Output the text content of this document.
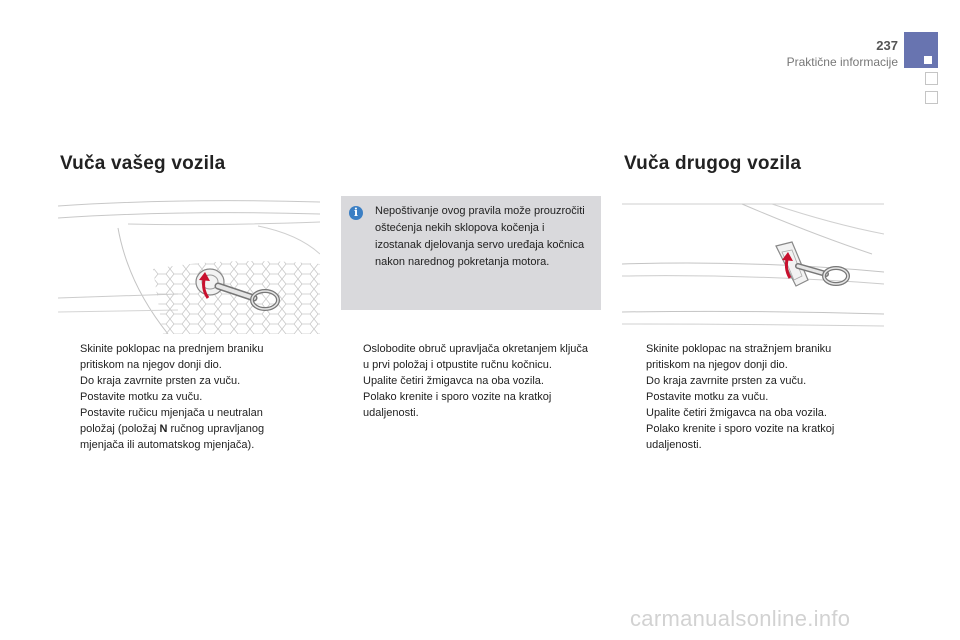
237
Praktične informacije
Vuča vašeg vozila	Vuča drugog vozila
i	Nepoštivanje ovog pravila može prouzročiti oštećenja nekih sklopova kočenja i izostanak djelovanja servo uređaja kočnica nakon narednog pokretanja motora.

Skinite poklopac na prednjem braniku pritiskom na njegov donji dio.
Do kraja zavrnite prsten za vuču.
Postavite motku za vuču.
Postavite ručicu mjenjača u neutralan položaj (položaj N ručnog upravljanog mjenjača ili automatskog mjenjača).
Oslobodite obruč upravljača okretanjem ključa u prvi položaj i otpustite ručnu kočnicu.
Upalite četiri žmigavca na oba vozila.
Polako krenite i sporo vozite na kratkoj udaljenosti.
Skinite poklopac na stražnjem braniku pritiskom na njegov donji dio.
Do kraja zavrnite prsten za vuču.
Postavite motku za vuču.
Upalite četiri žmigavca na oba vozila.
Polako krenite i sporo vozite na kratkoj udaljenosti.
carmanualsonline.info
